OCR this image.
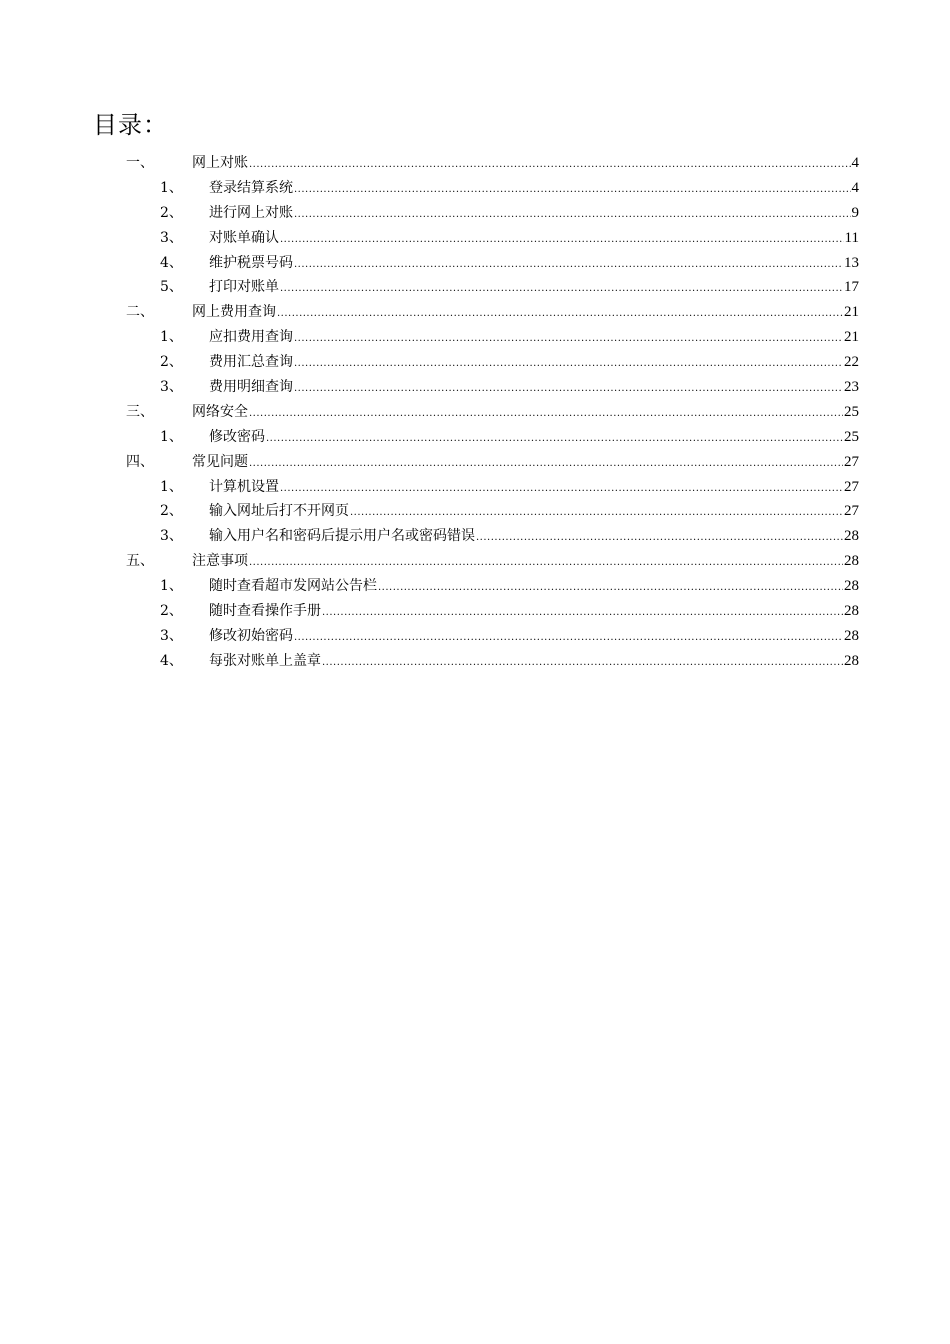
目录：
一、	网上对账 .....	4
1、 登录结算系统 .....	4
2、 进行网上对账 .....	9
3、 对账单确认 .....	11
4、 维护税票号码 .....	13
5、 打印对账单 .....	17
二、	网上费用查询 .....	21
1、 应扣费用查询 .....	21
2、 费用汇总查询 .....	22
3、 费用明细查询 .....	23
三、	网络安全 .....	25
1、 修改密码 .....	25
四、	常见问题 .....	27
1、 计算机设置 .....	27
2、 输入网址后打不开网页 .....	27
3、 输入用户名和密码后提示用户名或密码错误 .....	28
五、	注意事项 .....	28
1、 随时查看超市发网站公告栏 .....	28
2、 随时查看操作手册 .....	28
3、 修改初始密码 .....	28
4、 每张对账单上盖章 .....	28
